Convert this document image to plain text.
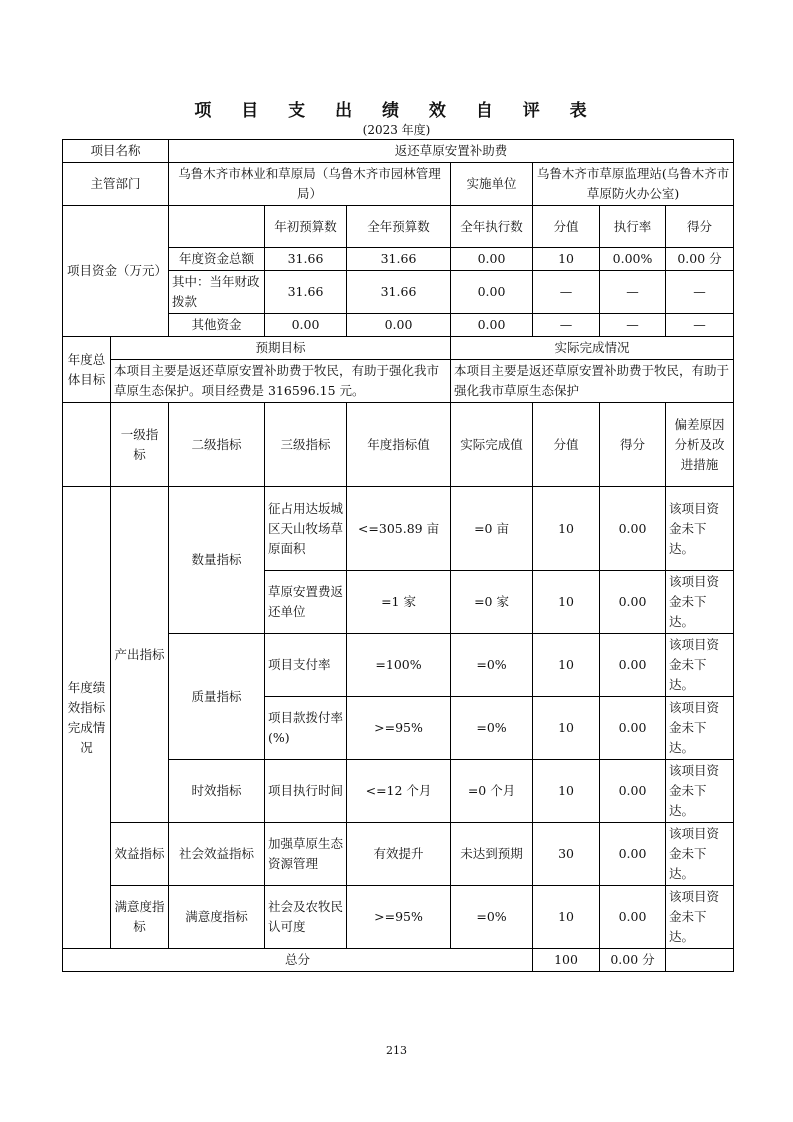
项 目 支 出 绩 效 自 评 表
(2023 年度)
项目名称		返还草原安置补助费						
主管部门		乌鲁木齐市林业和草原局（乌鲁木齐市园林管理局）			实施单位	乌鲁木齐市草原监理站(乌鲁木齐市草原防火办公室)		
项目资金（万元）			年初预算数	全年预算数	全年执行数	分值	执行率	得分
		年度资金总额	31.66	31.66	0.00	10	0.00%	0.00 分
		其中：当年财政拨款	31.66	31.66	0.00	—	—	—
		其他资金	0.00	0.00	0.00	—	—	—
年度总体目标	预期目标				实际完成情况			
	本项目主要是返还草原安置补助费于牧民，有助于强化我市草原生态保护。项目经费是 316596.15 元。				本项目主要是返还草原安置补助费于牧民，有助于强化我市草原生态保护			
	一级指标	二级指标	三级指标	年度指标值	实际完成值	分值	得分	偏差原因分析及改进措施
年度绩效指标完成情况	产出指标	数量指标	征占用达坂城区天山牧场草原面积	<=305.89 亩	=0 亩	10	0.00	该项目资金未下达。
			草原安置费返还单位	=1 家	=0 家	10	0.00	该项目资金未下达。
		质量指标	项目支付率	=100%	=0%	10	0.00	该项目资金未下达。
			项目款拨付率(%)	>=95%	=0%	10	0.00	该项目资金未下达。
		时效指标	项目执行时间	<=12 个月	=0 个月	10	0.00	该项目资金未下达。
	效益指标	社会效益指标	加强草原生态资源管理	有效提升	未达到预期	30	0.00	该项目资金未下达。
	满意度指标	满意度指标	社会及农牧民认可度	>=95%	=0%	10	0.00	该项目资金未下达。
总分						100	0.00 分	
213
